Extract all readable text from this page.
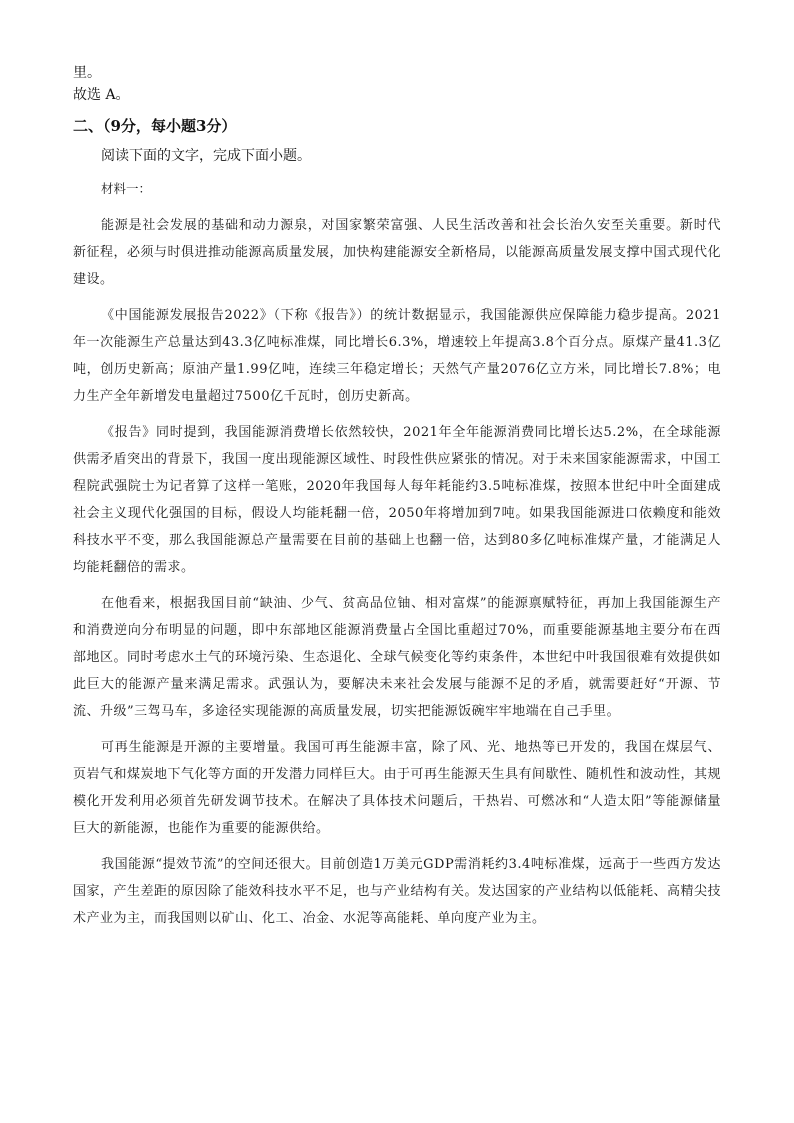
里。

故选 A。

二、（9分，每小题3分）

阅读下面的文字，完成下面小题。

材料一：

能源是社会发展的基础和动力源泉，对国家繁荣富强、人民生活改善和社会长治久安至关重要。新时代新征程，必须与时俱进推动能源高质量发展，加快构建能源安全新格局，以能源高质量发展支撑中国式现代化建设。

《中国能源发展报告2022》（下称《报告》）的统计数据显示，我国能源供应保障能力稳步提高。2021年一次能源生产总量达到43.3亿吨标准煤，同比增长6.3%，增速较上年提高3.8个百分点。原煤产量41.3亿吨，创历史新高；原油产量1.99亿吨，连续三年稳定增长；天然气产量2076亿立方米，同比增长7.8%；电力生产全年新增发电量超过7500亿千瓦时，创历史新高。

《报告》同时提到，我国能源消费增长依然较快，2021年全年能源消费同比增长达5.2%，在全球能源供需矛盾突出的背景下，我国一度出现能源区域性、时段性供应紧张的情况。对于未来国家能源需求，中国工程院武强院士为记者算了这样一笔账，2020年我国每人每年耗能约3.5吨标准煤，按照本世纪中叶全面建成社会主义现代化强国的目标，假设人均能耗翻一倍，2050年将增加到7吨。如果我国能源进口依赖度和能效科技水平不变，那么我国能源总产量需要在目前的基础上也翻一倍，达到80多亿吨标准煤产量，才能满足人均能耗翻倍的需求。

在他看来，根据我国目前“缺油、少气、贫高品位铀、相对富煤”的能源禀赋特征，再加上我国能源生产和消费逆向分布明显的问题，即中东部地区能源消费量占全国比重超过70%，而重要能源基地主要分布在西部地区。同时考虑水土气的环境污染、生态退化、全球气候变化等约束条件，本世纪中叶我国很难有效提供如此巨大的能源产量来满足需求。武强认为，要解决未来社会发展与能源不足的矛盾，就需要赶好“开源、节流、升级”三驾马车，多途径实现能源的高质量发展，切实把能源饭碗牢牢地端在自己手里。

可再生能源是开源的主要增量。我国可再生能源丰富，除了风、光、地热等已开发的，我国在煤层气、页岩气和煤炭地下气化等方面的开发潜力同样巨大。由于可再生能源天生具有间歇性、随机性和波动性，其规模化开发利用必须首先研发调节技术。在解决了具体技术问题后，干热岩、可燃冰和“人造太阳”等能源储量巨大的新能源，也能作为重要的能源供给。

我国能源“提效节流”的空间还很大。目前创造1万美元GDP需消耗约3.4吨标准煤，远高于一些西方发达国家，产生差距的原因除了能效科技水平不足，也与产业结构有关。发达国家的产业结构以低能耗、高精尖技术产业为主，而我国则以矿山、化工、冶金、水泥等高能耗、单向度产业为主。
